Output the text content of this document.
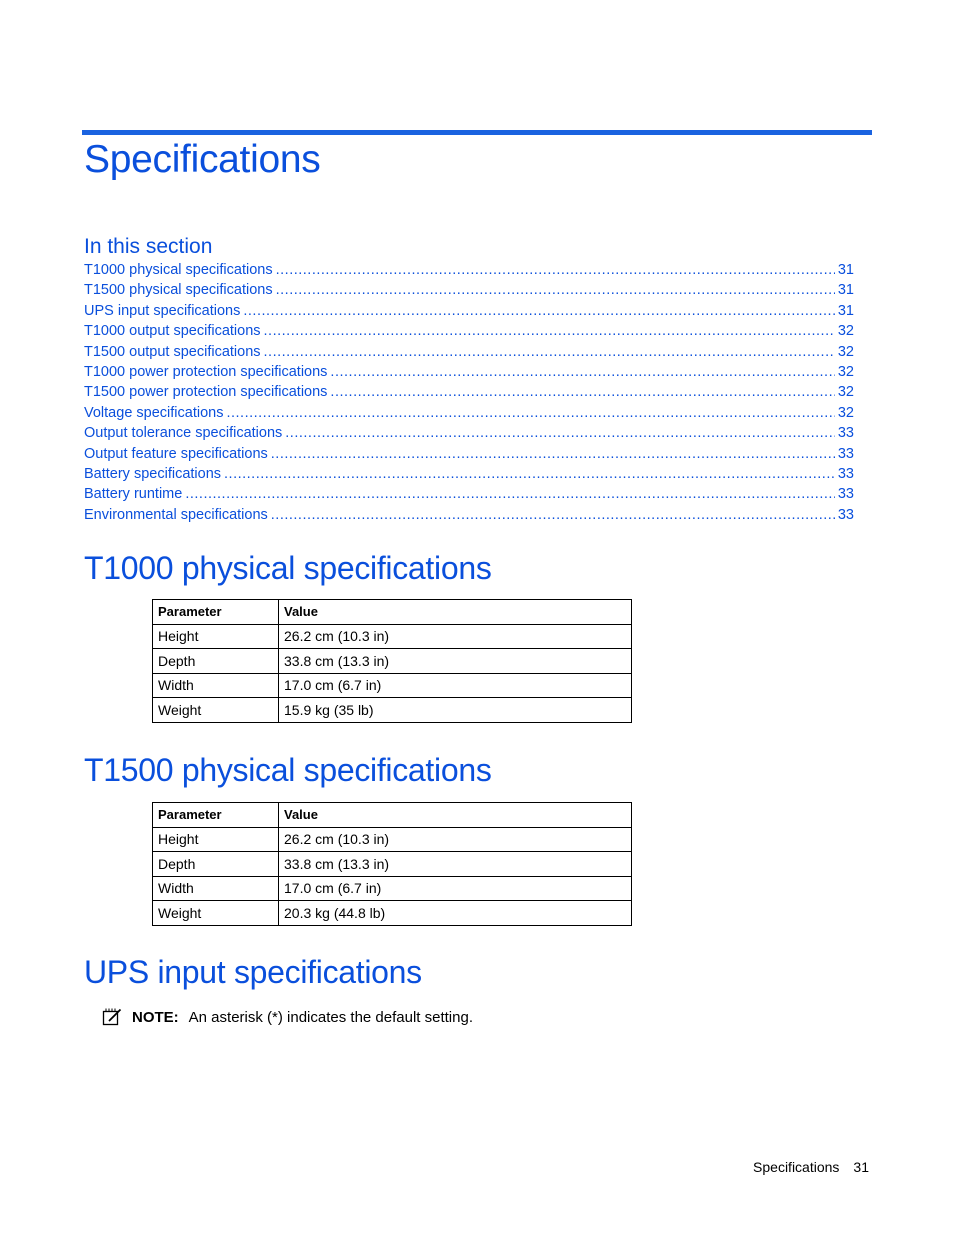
Specifications
In this section
T1000 physical specifications .....	31
T1500 physical specifications .....	31
UPS input specifications .....	31
T1000 output specifications .....	32
T1500 output specifications .....	32
T1000 power protection specifications .....	32
T1500 power protection specifications .....	32
Voltage specifications .....	32
Output tolerance specifications .....	33
Output feature specifications .....	33
Battery specifications .....	33
Battery runtime .....	33
Environmental specifications .....	33
T1000 physical specifications
Parameter	Value
Height	26.2 cm (10.3 in)
Depth	33.8 cm (13.3 in)
Width	17.0 cm (6.7 in)
Weight	15.9 kg (35 lb)
T1500 physical specifications
Parameter	Value
Height	26.2 cm (10.3 in)
Depth	33.8 cm (13.3 in)
Width	17.0 cm (6.7 in)
Weight	20.3 kg (44.8 lb)
UPS input specifications
NOTE: An asterisk (*) indicates the default setting.
Specifications 31
